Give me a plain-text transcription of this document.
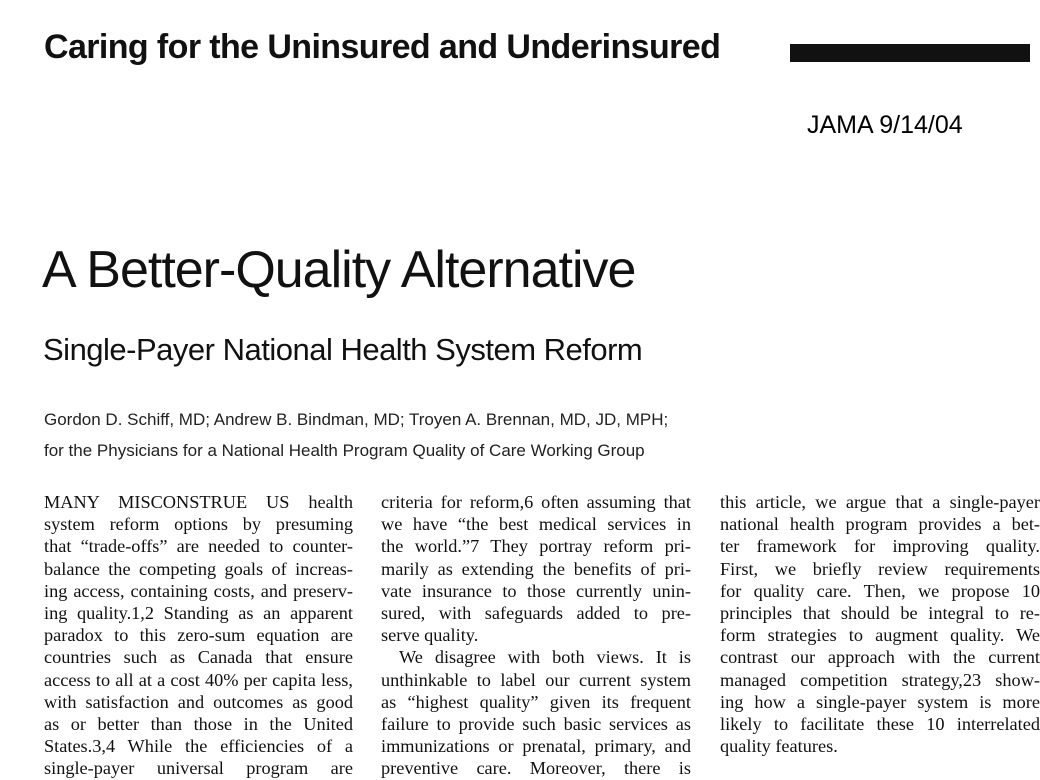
Caring for the Uninsured and Underinsured
JAMA 9/14/04
A Better-Quality Alternative
Single-Payer National Health System Reform
Gordon D. Schiff, MD; Andrew B. Bindman, MD; Troyen A. Brennan, MD, JD, MPH;
for the Physicians for a National Health Program Quality of Care Working Group
MANY MISCONSTRUE US health
system reform options by presuming
that “trade-offs” are needed to counter-
balance the competing goals of increas-
ing access, containing costs, and preserv-
ing quality.1,2 Standing as an apparent
paradox to this zero-sum equation are
countries such as Canada that ensure
access to all at a cost 40% per capita less,
with satisfaction and outcomes as good
as or better than those in the United
States.3,4 While the efficiencies of a
single-payer universal program are
criteria for reform,6 often assuming that
we have “the best medical services in
the world.”7 They portray reform pri-
marily as extending the benefits of pri-
vate insurance to those currently unin-
sured, with safeguards added to pre-
serve quality.
We disagree with both views. It is
unthinkable to label our current system
as “highest quality” given its frequent
failure to provide such basic services as
immunizations or prenatal, primary, and
preventive care. Moreover, there is
this article, we argue that a single-payer
national health program provides a bet-
ter framework for improving quality.
First, we briefly review requirements
for quality care. Then, we propose 10
principles that should be integral to re-
form strategies to augment quality. We
contrast our approach with the current
managed competition strategy,23 show-
ing how a single-payer system is more
likely to facilitate these 10 interrelated
quality features.
